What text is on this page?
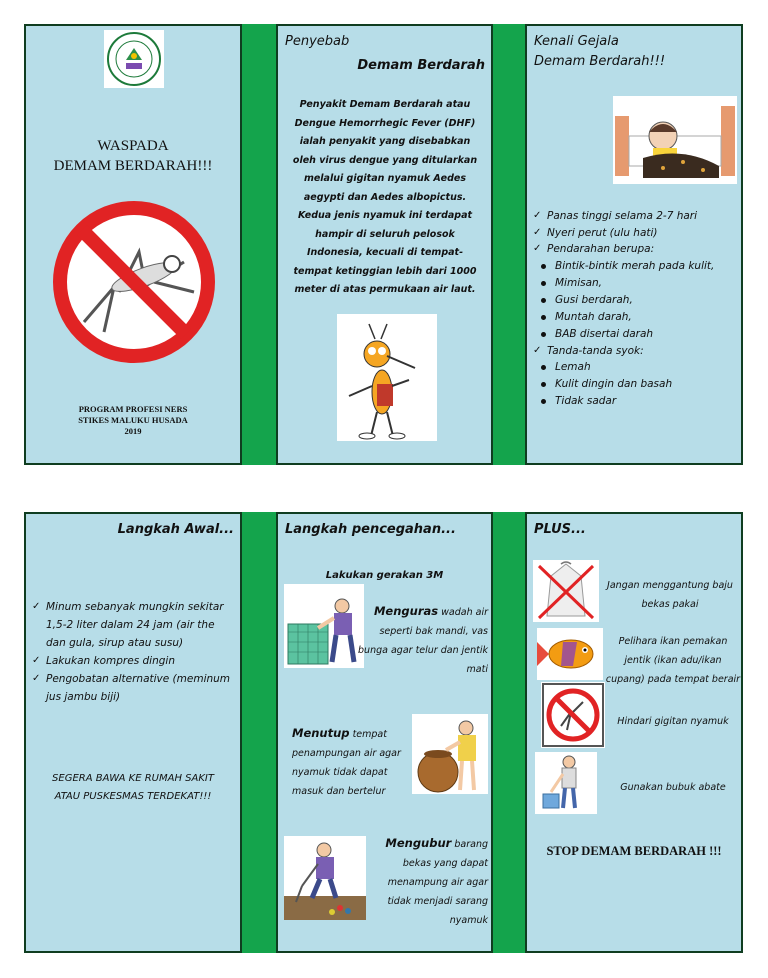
WASPADA
DEMAM BERDARAH!!!
PROGRAM PROFESI NERS
STIKES MALUKU HUSADA
2019
Penyebab
Demam Berdarah
Penyakit Demam Berdarah atau Dengue Hemorrhegic Fever (DHF) ialah penyakit yang disebabkan oleh virus dengue yang ditularkan melalui gigitan nyamuk Aedes aegypti dan Aedes albopictus. Kedua jenis nyamuk ini terdapat hampir di seluruh pelosok Indonesia, kecuali di tempat-tempat ketinggian lebih dari 1000 meter di atas permukaan air laut.
Kenali Gejala
Demam Berdarah!!!
✓ Panas tinggi selama 2-7 hari
✓ Nyeri perut (ulu hati)
✓ Pendarahan berupa:
Bintik-bintik merah pada kulit,
Mimisan,
Gusi berdarah,
Muntah darah,
BAB disertai darah
✓ Tanda-tanda syok:
Lemah
Kulit dingin dan basah
Tidak sadar
Langkah Awal...
✓ Minum sebanyak mungkin sekitar 1,5-2 liter dalam 24 jam (air the dan gula, sirup atau susu)
✓ Lakukan kompres dingin
✓ Pengobatan alternative (meminum jus jambu biji)
SEGERA BAWA KE RUMAH SAKIT ATAU PUSKESMAS TERDEKAT!!!
Langkah pencegahan...
Lakukan gerakan 3M
Menguras wadah air seperti bak mandi, vas bunga agar telur dan jentik mati
Menutup tempat penampungan air agar nyamuk tidak dapat masuk dan bertelur
Mengubur barang bekas yang dapat menampung air agar tidak menjadi sarang nyamuk
PLUS...
Jangan menggantung baju bekas pakai
Pelihara ikan pemakan jentik (ikan adu/ikan cupang) pada tempat berair
Hindari gigitan nyamuk
Gunakan bubuk abate
STOP DEMAM BERDARAH !!!
